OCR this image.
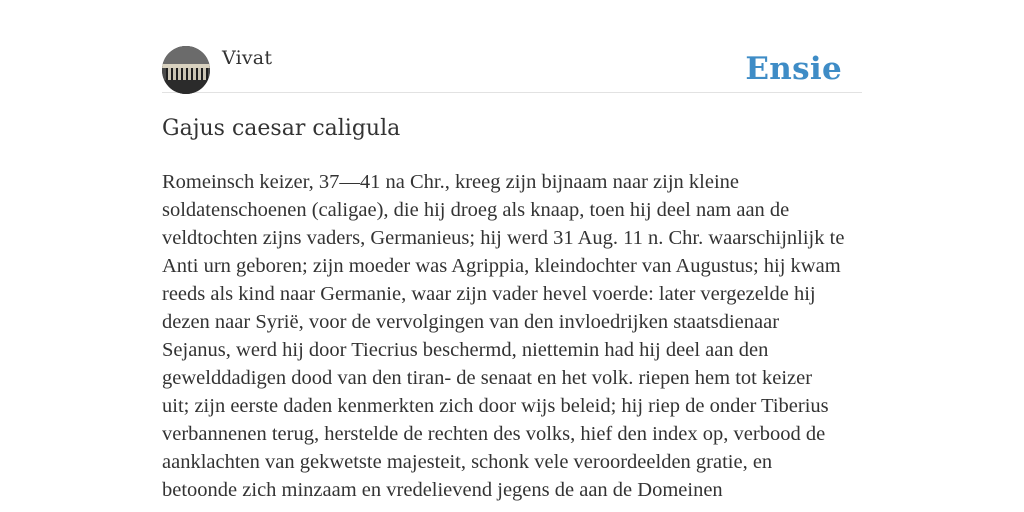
Vivat	Ensie
Gajus caesar caligula
Romeinsch keizer, 37—41 na Chr., kreeg zijn bijnaam naar zijn kleine
soldatenschoenen (caligae), die hij droeg als knaap, toen hij deel nam aan de
veldtochten zijns vaders, Germanieus; hij werd 31 Aug. 11 n. Chr. waarschijnlijk te
Anti urn geboren; zijn moeder was Agrippia, kleindochter van Augustus; hij kwam
reeds als kind naar Germanie, waar zijn vader hevel voerde: later vergezelde hij
dezen naar Syrië, voor de vervolgingen van den invloedrijken staatsdienaar
Sejanus, werd hij door Tiecrius beschermd, niettemin had hij deel aan den
gewelddadigen dood van den tiran- de senaat en het volk. riepen hem tot keizer
uit; zijn eerste daden kenmerkten zich door wijs beleid; hij riep de onder Tiberius
verbannenen terug, herstelde de rechten des volks, hief den index op, verbood de
aanklachten van gekwetste majesteit, schonk vele veroordeelden gratie, en
betoonde zich minzaam en vredelievend jegens de aan de Domeinen
